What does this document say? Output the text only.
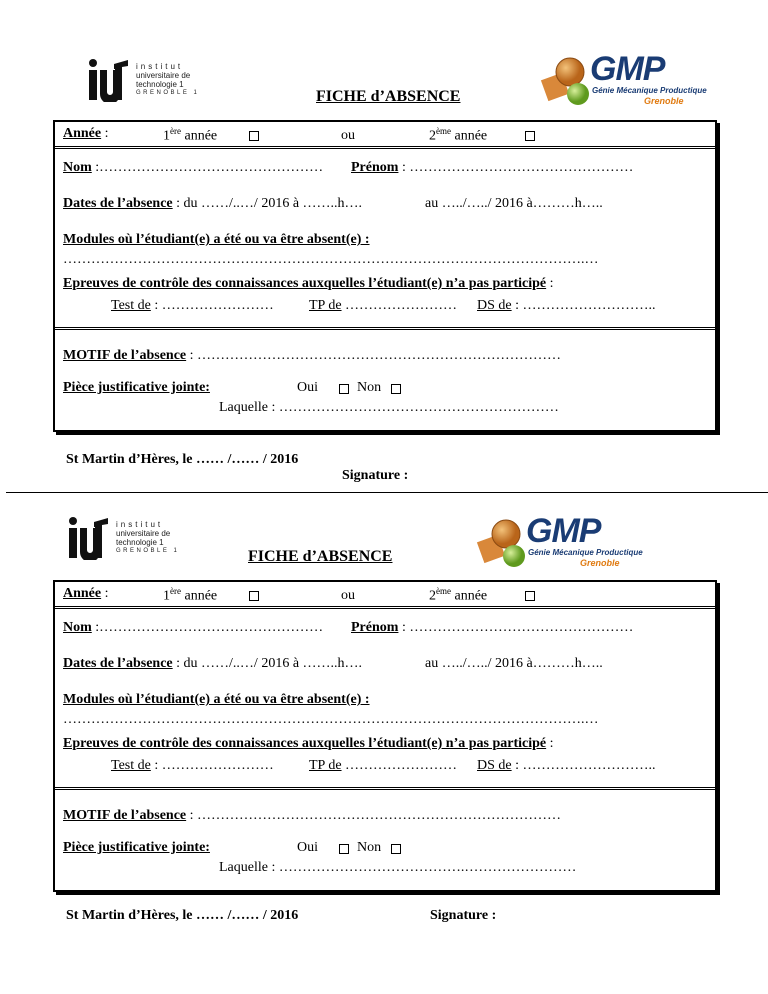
institut
universitaire de
technologie 1
GRENOBLE 1
GMP
Génie Mécanique Productique
Grenoble
FICHE d’ABSENCE
Année :	1ère année	ou	2ème année
Nom :………………………………………… Prénom : …………………………………………
Dates de l’absence : du ……/..…/ 2016 à ……..h….	au …../…../ 2016 à………h…..
Modules où l’étudiant(e) a été ou va être absent(e) :
………………………………………………………………………………………………….…
Epreuves de contrôle des connaissances auxquelles l’étudiant(e) n’a pas participé :
Test de : ……………………	TP de …………………… DS de : ………………………..
MOTIF de l’absence : ……………………………………………………………………
Pièce justificative jointe:	Oui	Non
Laquelle : ……………………………………………………
St Martin d’Hères, le …… /…… / 2016
Signature :
institut
universitaire de
technologie 1
GRENOBLE 1
GMP
Génie Mécanique Productique
Grenoble
FICHE d’ABSENCE
Année :	1ère année	ou	2ème année
Nom :………………………………………… Prénom : …………………………………………
Dates de l’absence : du ……/..…/ 2016 à ……..h….	au …../…../ 2016 à………h…..
Modules où l’étudiant(e) a été ou va être absent(e) :
………………………………………………………………………………………………….…
Epreuves de contrôle des connaissances auxquelles l’étudiant(e) n’a pas participé :
Test de : ……………………	TP de …………………… DS de : ………………………..
MOTIF de l’absence : ……………………………………………………………………
Pièce justificative jointe:	Oui	Non
Laquelle : ………………………………….……………………
St Martin d’Hères, le …… /…… / 2016	Signature :
